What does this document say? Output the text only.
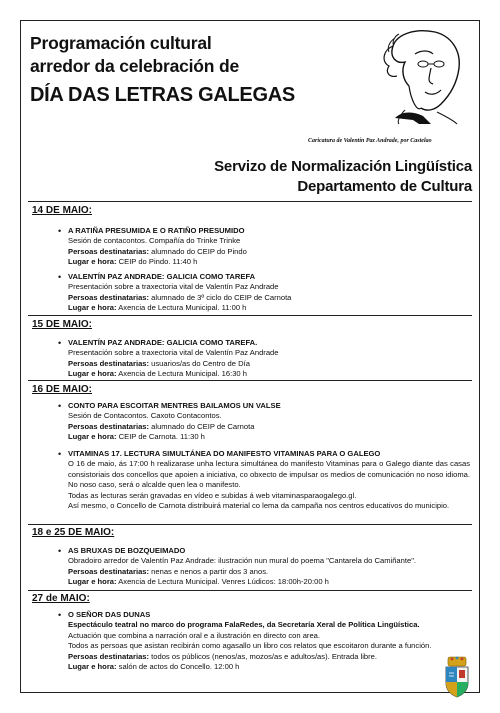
Programación cultural
arredor da celebración de
DÍA DAS LETRAS GALEGAS
Caricatura de Valentín Paz Andrade, por Castelao
Servizo de Normalización Lingüística
Departamento de Cultura
14 DE MAIO:
• A RATIÑA PRESUMIDA E O RATIÑO PRESUMIDO

Sesión de contacontos. Compañía do Trinke Trinke

Persoas destinatarias: alumnado do CEIP do Pindo

Lugar e hora: CEIP do Pindo. 11:40 h

• VALENTÍN PAZ ANDRADE: GALICIA COMO TAREFA

Presentación sobre a traxectoria vital de Valentín Paz Andrade

Persoas destinatarias: alumnado de 3º ciclo do CEIP de Carnota

Lugar e hora: Axencia de Lectura Municipal. 11:00 h

15 DE MAIO:
• VALENTÍN PAZ ANDRADE: GALICIA COMO TAREFA.

Presentación sobre a traxectoria vital de Valentín Paz Andrade

Persoas destinatarias: usuarios/as do Centro de Día

Lugar e hora: Axencia de Lectura Municipal. 16:30 h

16 DE MAIO:
• CONTO PARA ESCOITAR MENTRES BAILAMOS UN VALSE

Sesión de Contacontos. Caxoto Contacontos.

Persoas destinatarias: alumnado do CEIP de Carnota

Lugar e hora: CEIP de Carnota. 11:30 h

• VITAMINAS 17. LECTURA SIMULTÁNEA DO MANIFESTO VITAMINAS PARA O GALEGO

O 16 de maio, ás 17:00 h realizarase unha lectura simultánea do manifesto Vitaminas para o Galego diante das casas consistoriais dos concellos que apoien a iniciativa, co obxecto de impulsar os medios de comunicación no noso idioma. No noso caso, será o alcalde quen lea o manifesto.

Todas as lecturas serán gravadas en vídeo e subidas á web vitaminasparaogalego.gl.

Así mesmo, o Concello de Carnota distribuirá material co lema da campaña nos centros educativos do municipio.

18 e 25 DE MAIO:
• AS BRUXAS DE BOZQUEIMADO

Obradoiro arredor de Valentín Paz Andrade: ilustración nun mural do poema "Cantarela do Camiñante".

Persoas destinatarias: nenas e nenos a partir dos 3 anos.

Lugar e hora: Axencia de Lectura Municipal. Venres Lúdicos: 18:00h-20:00 h

27 de MAIO:
• O SEÑOR DAS DUNAS

Espectáculo teatral no marco do programa FalaRedes, da Secretaría Xeral de Política Lingüística.

Actuación que combina a narración oral e a ilustración en directo con area.

Todos as persoas que asistan recibirán como agasallo un libro cos relatos que escoitaron durante a función.

Persoas destinatarias: todos os públicos (nenos/as, mozos/as e adultos/as). Entrada libre.

Lugar e hora: salón de actos do Concello. 12:00 h
